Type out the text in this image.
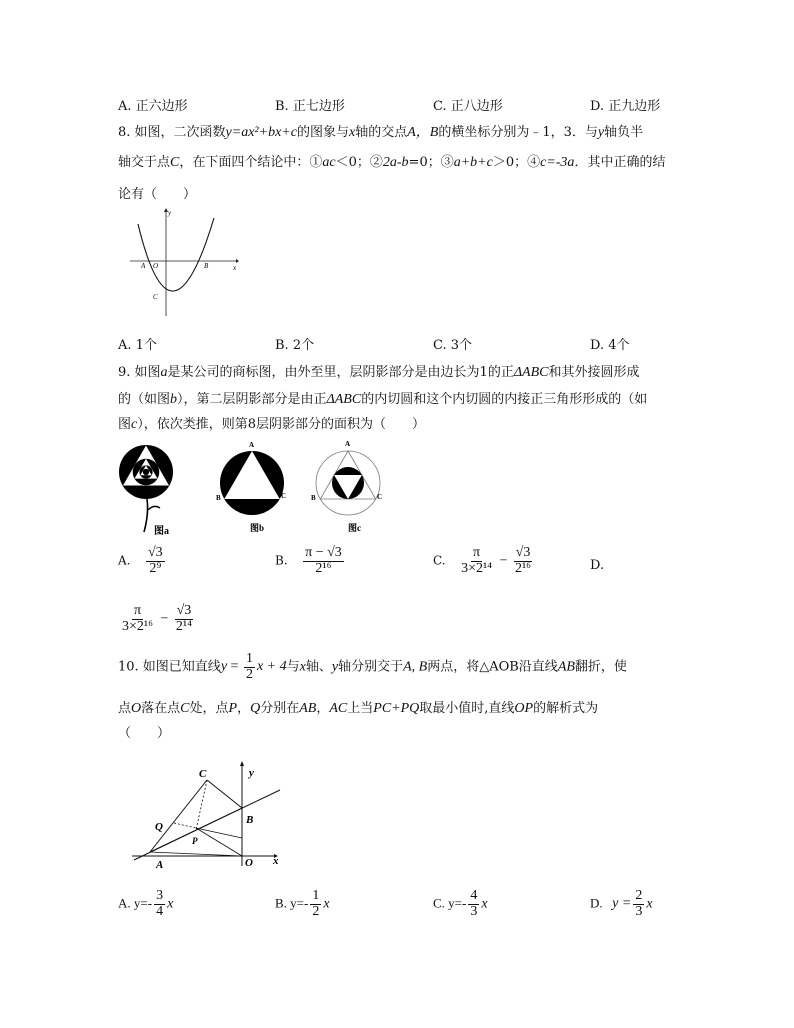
A. 正六边形	B. 正七边形	C. 正八边形	D. 正九边形
8. 如图，二次函数y=ax²+bx+c的图象与x轴的交点A，B的横坐标分别为﹣1，3．与y轴负半
轴交于点C，在下面四个结论中：①ac＜0；②2a-b=0；③a+b+c＞0；④c=-3a．其中正确的结
论有（　　）
y
x
A O	B
C
A. 1个	B. 2个	C. 3个	D. 4个
9. 如图a是某公司的商标图，由外至里，层阴影部分是由边长为1的正ΔABC和其外接圆形成
的（如图b），第二层阴影部分是由正ΔABC的内切圆和这个内切圆的内接正三角形形成的（如
图c），依次类推，则第8层阴影部分的面积为（　　）
图a
A
B	C
图b
A
B	C
图c
A. $\frac{√3}{\text{2⁹}}$	B. $\frac{\pi - √3}{\text{2¹⁶}}$	C. $\frac{\pi}{\text{3×2¹⁴}} - \frac{√3}{\text{2¹⁶}}$	D.
$\frac{\pi}{\text{3×2¹⁶}} - \frac{√3}{\text{2¹⁴}}$
10. 如图已知直线$y = \frac{1}{2}$ x + 4与x轴、y轴分别交于A, B两点，将△AOB沿直线AB翻折，使
点O落在点C处，点P，Q分别在AB，AC上当PC+PQ取最小值时,直线OP的解析式为
（　　）
C	y
Q
B
P
A	O x
A. $y=- \frac{3}{4}$ x	B. $y=- \frac{1}{2}$ x	C. $y=- \frac{4}{3}$ x	D. $y = \frac{2}{3}$ x
